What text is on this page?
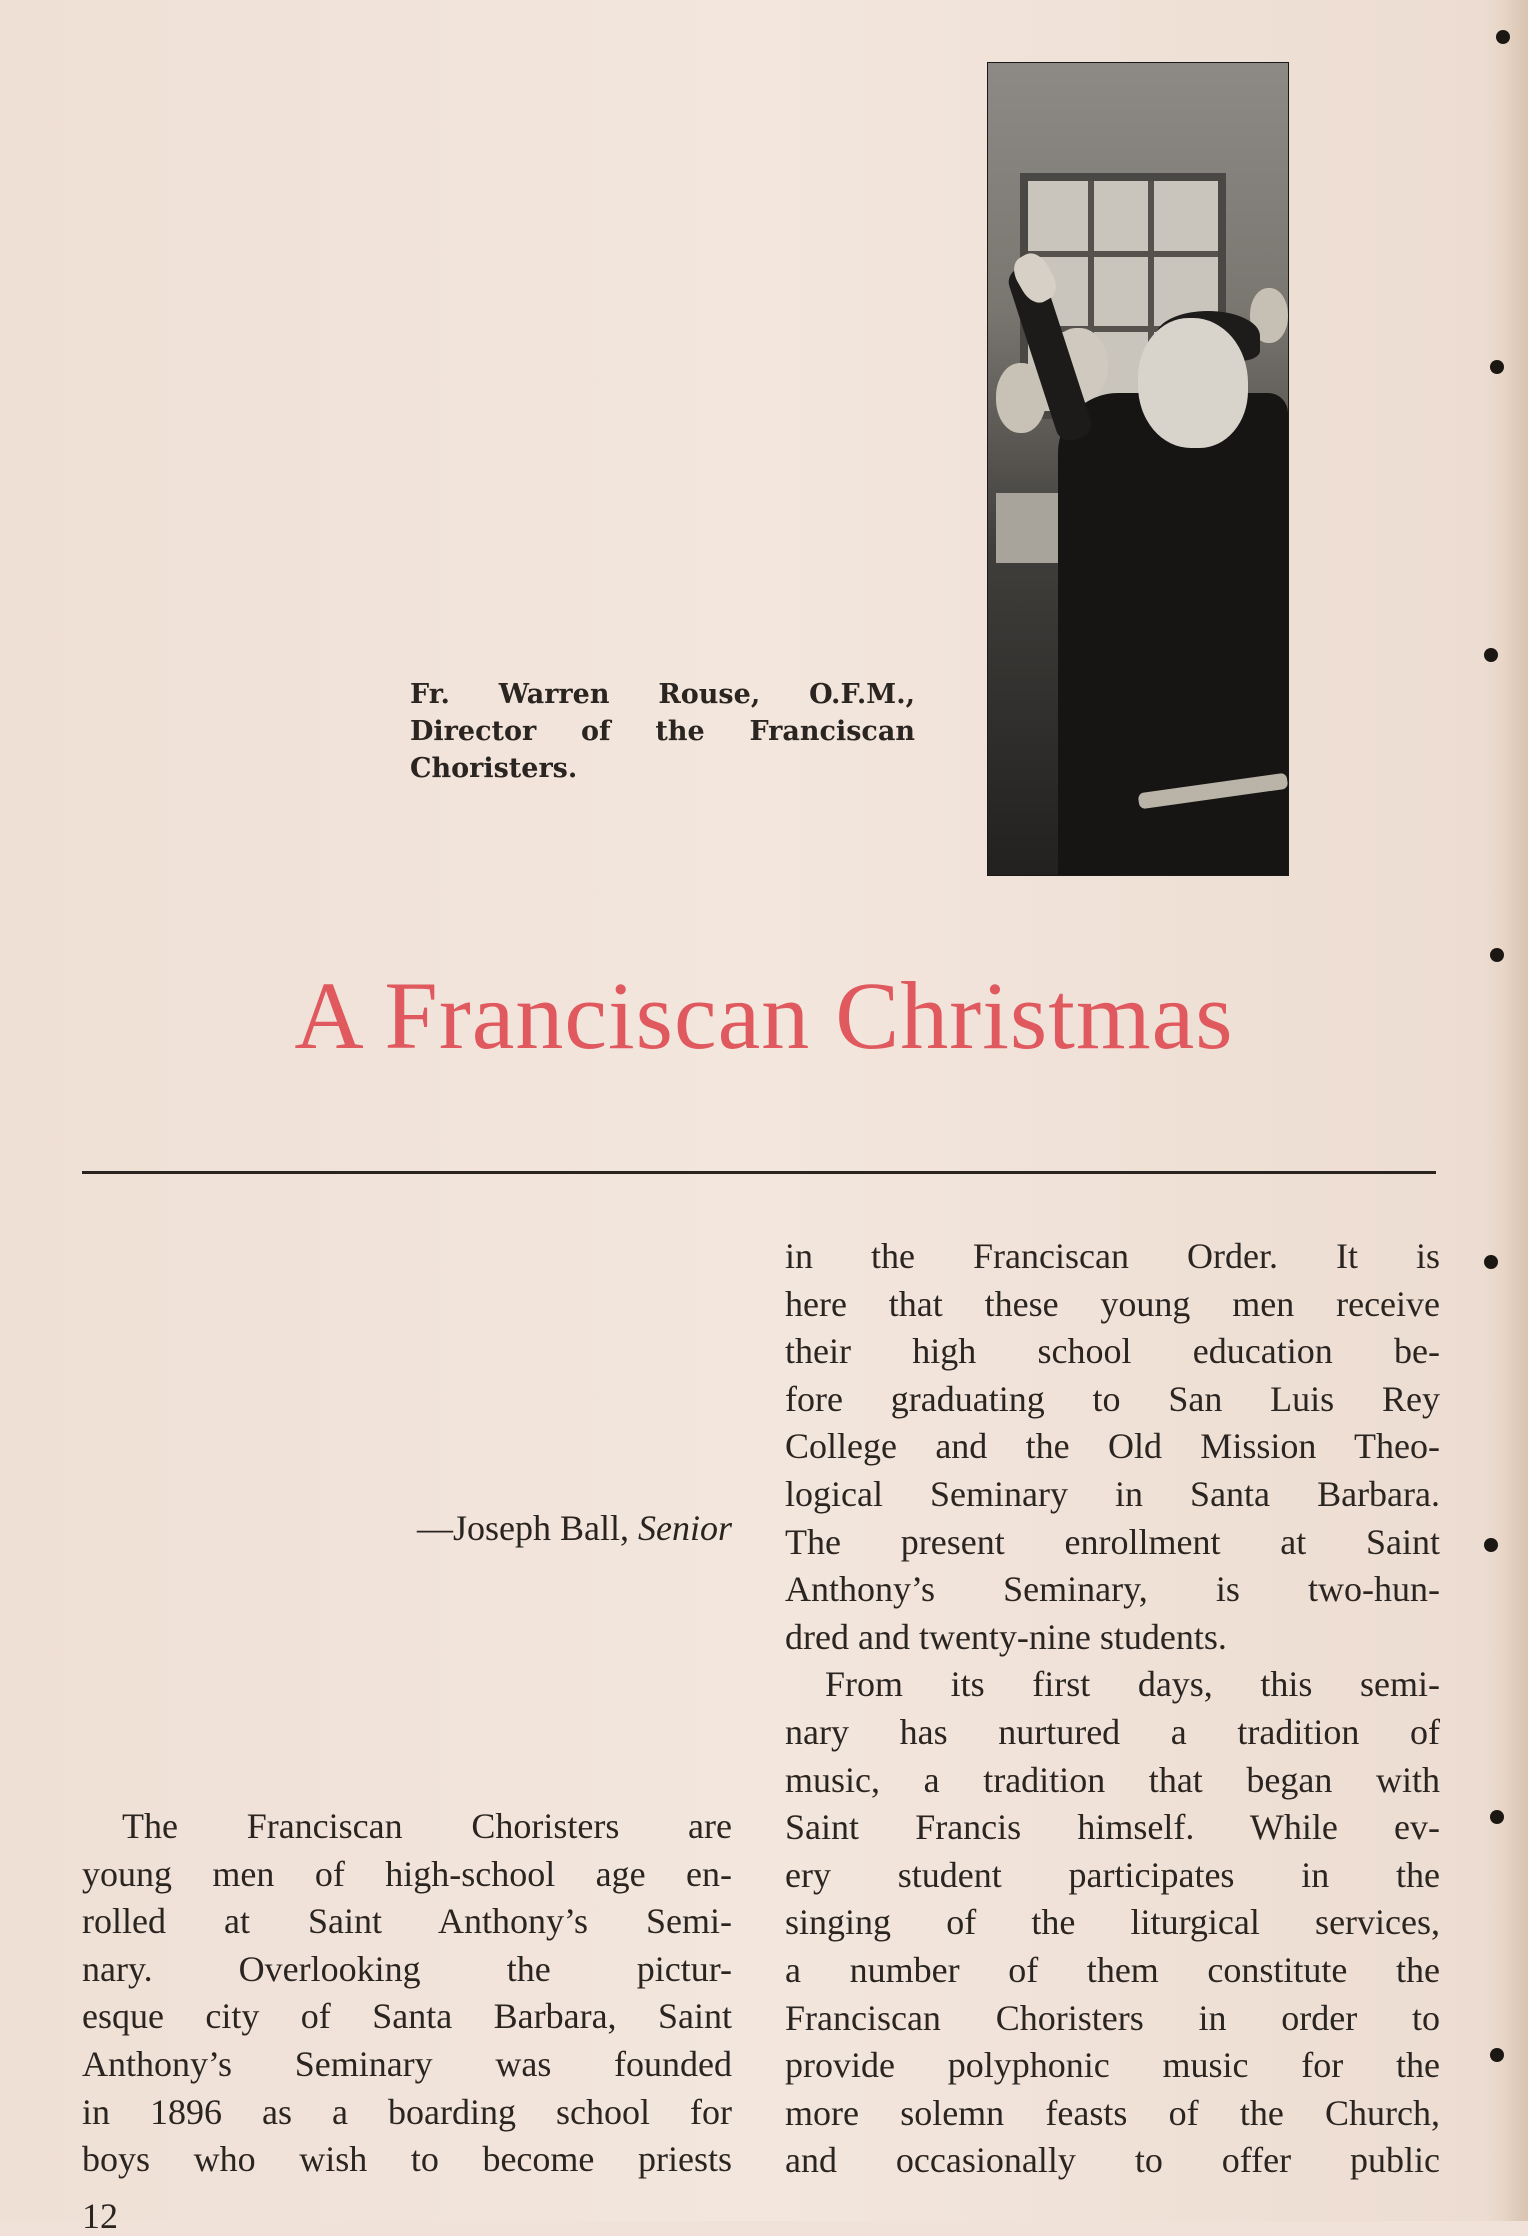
Fr. Warren Rouse, O.F.M., Director of the Franciscan Choristers.
A Franciscan Christmas
—Joseph Ball, Senior

The Franciscan Choristers are
young men of high-school age en-
rolled at Saint Anthony’s Semi-
nary. Overlooking the pictur-
esque city of Santa Barbara, Saint
Anthony’s Seminary was founded
in 1896 as a boarding school for
boys who wish to become priests

in the Franciscan Order. It is
here that these young men receive
their high school education be-
fore graduating to San Luis Rey
College and the Old Mission Theo-
logical Seminary in Santa Barbara.
The present enrollment at Saint
Anthony’s Seminary, is two-hun-
dred and twenty-nine students.

From its first days, this semi-
nary has nurtured a tradition of
music, a tradition that began with
Saint Francis himself. While ev-
ery student participates in the
singing of the liturgical services,
a number of them constitute the
Franciscan Choristers in order to
provide polyphonic music for the
more solemn feasts of the Church,
and occasionally to offer public

12
